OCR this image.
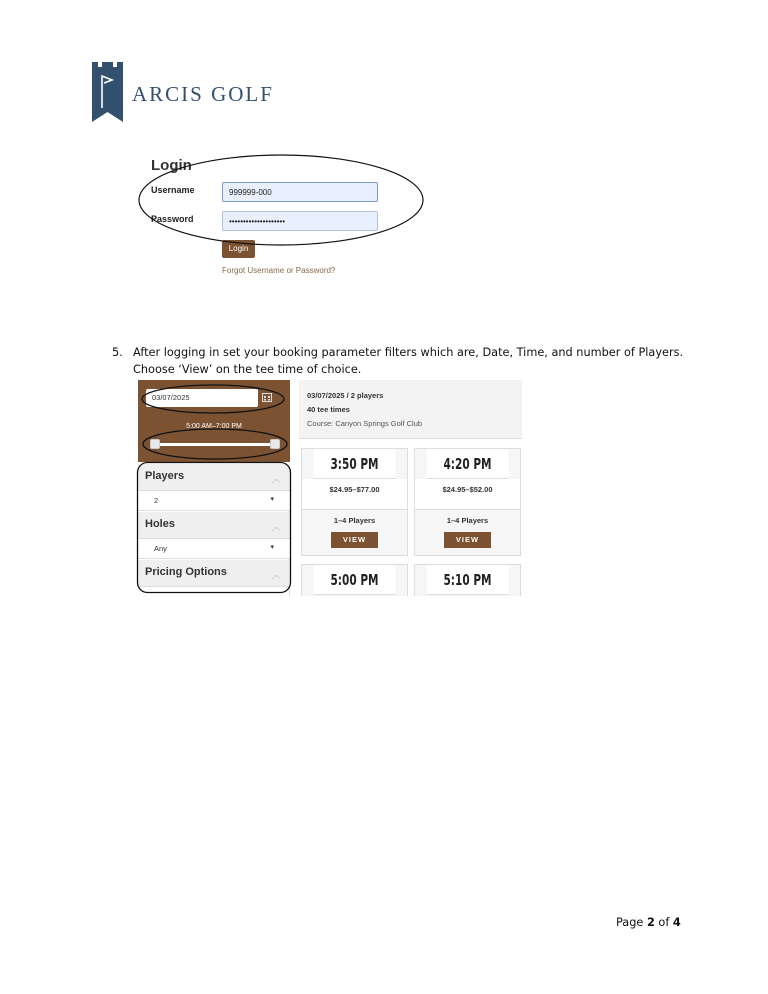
ARCIS GOLF
Login
Username	999999-000
Password	••••••••••••••••••••
Login
Forgot Username or Password?
5. After logging in set your booking parameter filters which are, Date, Time, and number of Players. Choose ‘View’ on the tee time of choice.
03/07/2025
5:00 AM–7:00 PM
Players	︿
2	▾
Holes	︿
Any	▾
Pricing Options	︿
03/07/2025 / 2 players
40 tee times
Course: Canyon Springs Golf Club
3:50 PM
$24.95–$77.00
1–4 Players
VIEW
4:20 PM
$24.95–$52.00
1–4 Players
VIEW
5:00 PM	5:10 PM
Page 2 of 4
